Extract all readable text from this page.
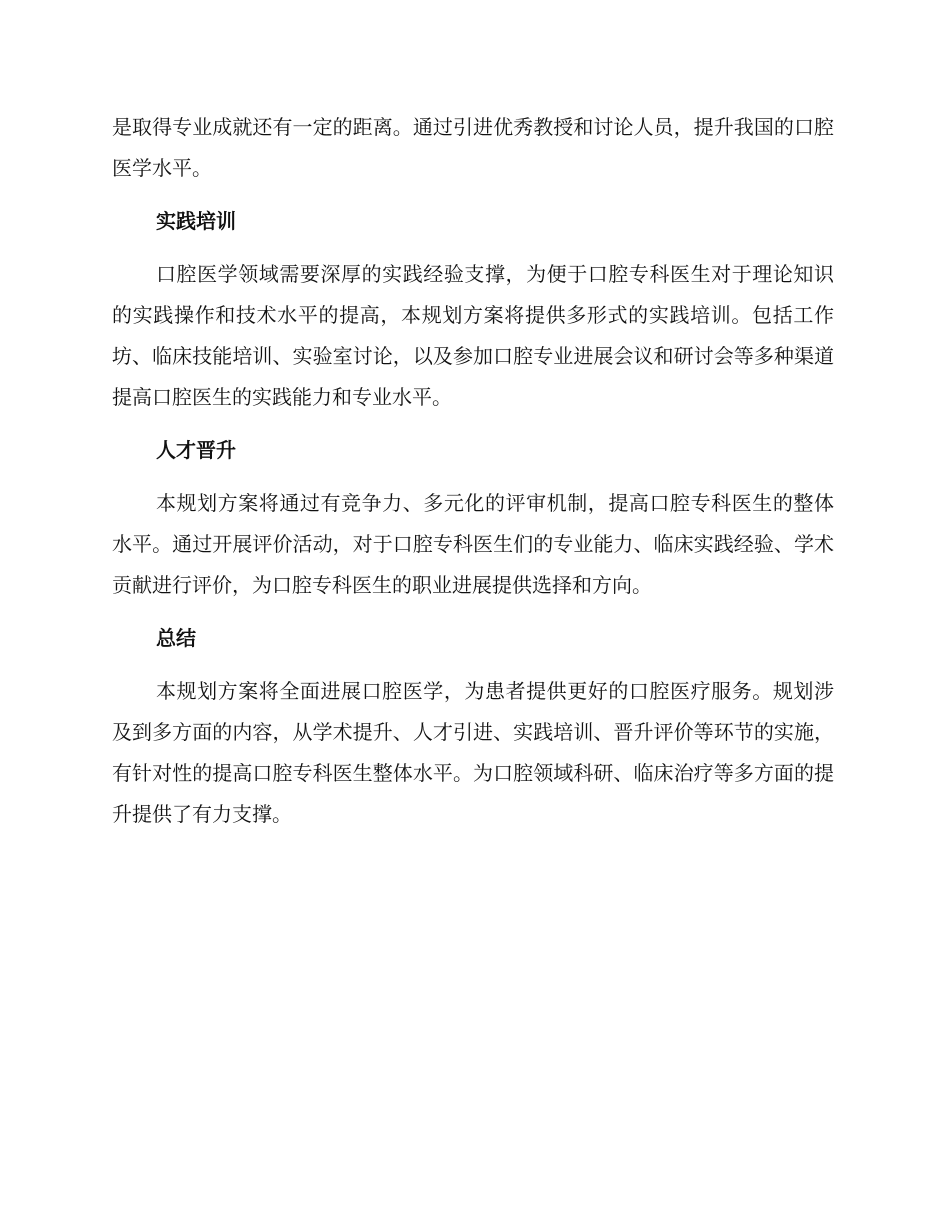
是取得专业成就还有一定的距离。通过引进优秀教授和讨论人员，提升我国的口腔医学水平。

实践培训

口腔医学领域需要深厚的实践经验支撑，为便于口腔专科医生对于理论知识的实践操作和技术水平的提高，本规划方案将提供多形式的实践培训。包括工作坊、临床技能培训、实验室讨论，以及参加口腔专业进展会议和研讨会等多种渠道提高口腔医生的实践能力和专业水平。

人才晋升

本规划方案将通过有竞争力、多元化的评审机制，提高口腔专科医生的整体水平。通过开展评价活动，对于口腔专科医生们的专业能力、临床实践经验、学术贡献进行评价，为口腔专科医生的职业进展提供选择和方向。

总结

本规划方案将全面进展口腔医学，为患者提供更好的口腔医疗服务。规划涉及到多方面的内容，从学术提升、人才引进、实践培训、晋升评价等环节的实施，有针对性的提高口腔专科医生整体水平。为口腔领域科研、临床治疗等多方面的提升提供了有力支撑。
